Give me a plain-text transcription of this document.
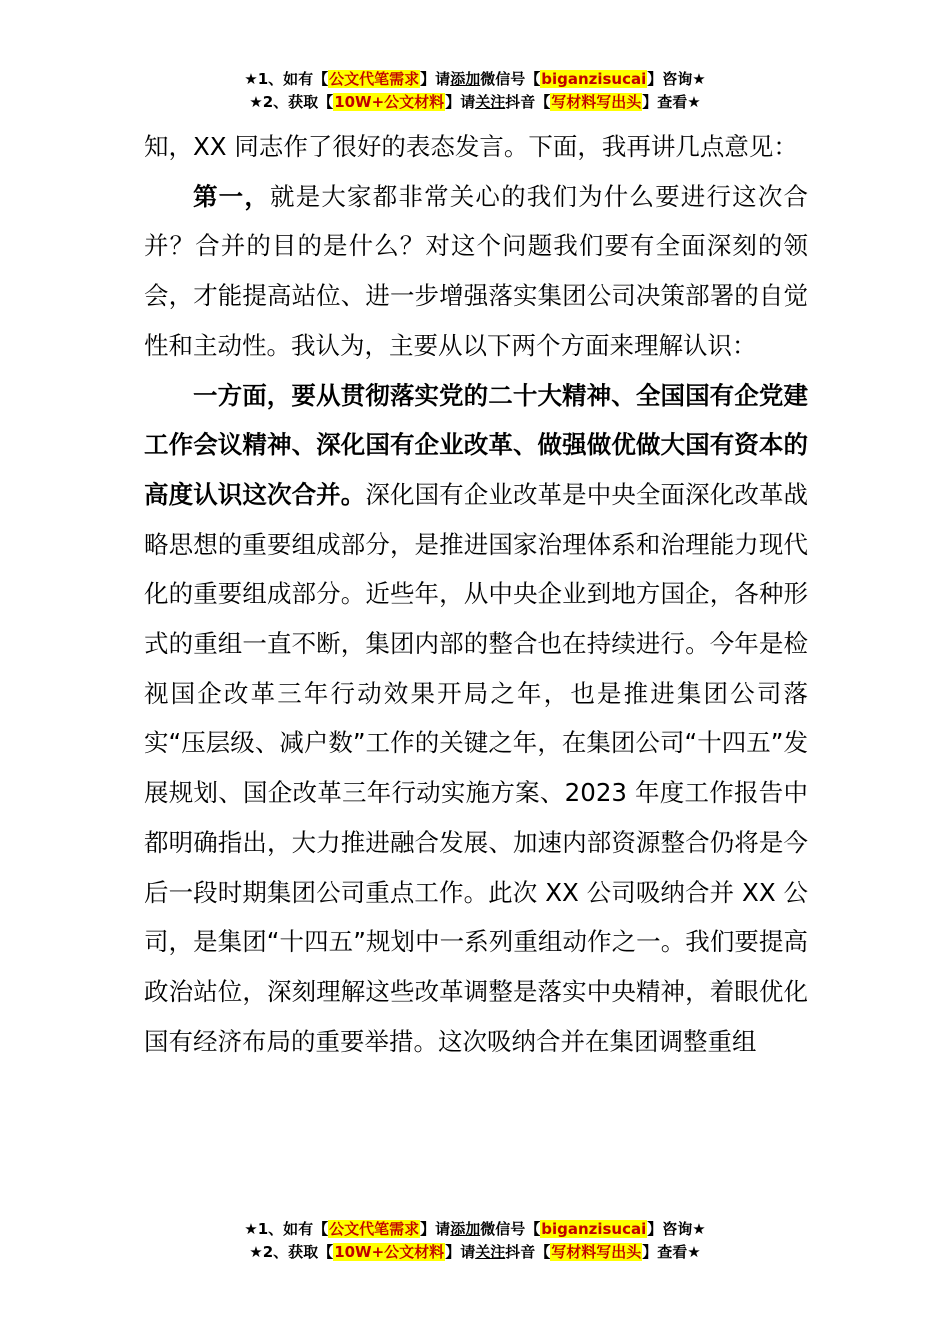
★1、如有【公文代笔需求】请添加微信号【biganzisucai】咨询★
★2、获取【10W+公文材料】请关注抖音【写材料写出头】查看★

知，XX 同志作了很好的表态发言。下面，我再讲几点意见：

第一，就是大家都非常关心的我们为什么要进行这次合并？合并的目的是什么？对这个问题我们要有全面深刻的领会，才能提高站位、进一步增强落实集团公司决策部署的自觉性和主动性。我认为，主要从以下两个方面来理解认识：

一方面，要从贯彻落实党的二十大精神、全国国有企党建工作会议精神、深化国有企业改革、做强做优做大国有资本的高度认识这次合并。深化国有企业改革是中央全面深化改革战略思想的重要组成部分，是推进国家治理体系和治理能力现代化的重要组成部分。近些年，从中央企业到地方国企，各种形式的重组一直不断，集团内部的整合也在持续进行。今年是检视国企改革三年行动效果开局之年，也是推进集团公司落实“压层级、减户数”工作的关键之年，在集团公司“十四五”发展规划、国企改革三年行动实施方案、2023 年度工作报告中都明确指出，大力推进融合发展、加速内部资源整合仍将是今后一段时期集团公司重点工作。此次 XX 公司吸纳合并 XX 公司，是集团“十四五”规划中一系列重组动作之一。我们要提高政治站位，深刻理解这些改革调整是落实中央精神，着眼优化国有经济布局的重要举措。这次吸纳合并在集团调整重组

★1、如有【公文代笔需求】请添加微信号【biganzisucai】咨询★
★2、获取【10W+公文材料】请关注抖音【写材料写出头】查看★
